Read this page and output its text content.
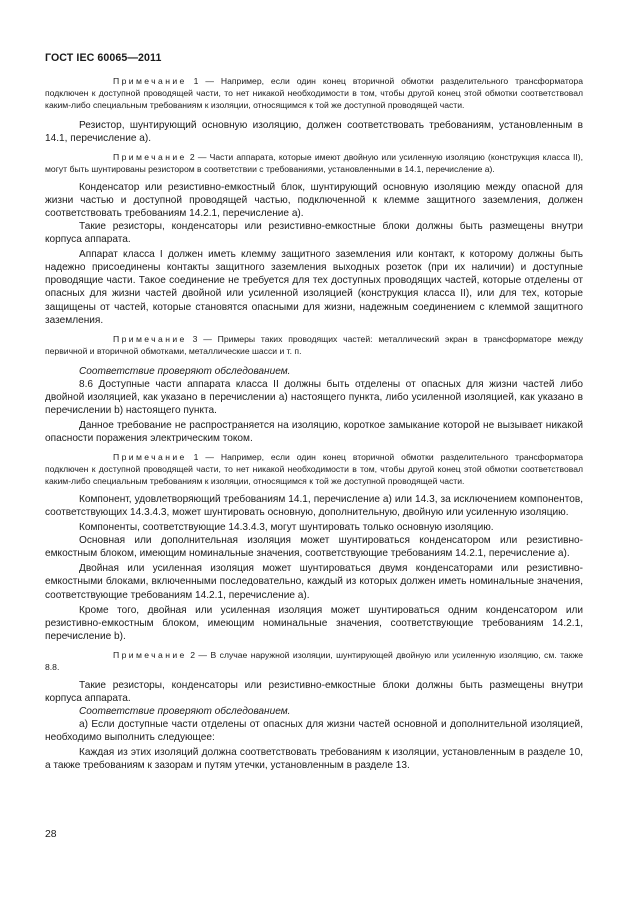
ГОСТ IEC 60065—2011

Примечание 1 — Например, если один конец вторичной обмотки разделительного трансформатора подключен к доступной проводящей части, то нет никакой необходимости в том, чтобы другой конец этой обмотки соответствовал каким-либо специальным требованиям к изоляции, относящимся к той же доступной проводящей части.

Резистор, шунтирующий основную изоляцию, должен соответствовать требованиям, установленным в 14.1, перечисление а).

Примечание 2 — Части аппарата, которые имеют двойную или усиленную изоляцию (конструкция класса II), могут быть шунтированы резистором в соответствии с требованиями, установленными в 14.1, перечисление а).

Конденсатор или резистивно-емкостный блок, шунтирующий основную изоляцию между опасной для жизни частью и доступной проводящей частью, подключенной к клемме защитного заземления, должен соответствовать требованиям 14.2.1, перечисление а).

Такие резисторы, конденсаторы или резистивно-емкостные блоки должны быть размещены внутри корпуса аппарата.

Аппарат класса I должен иметь клемму защитного заземления или контакт, к которому должны быть надежно присоединены контакты защитного заземления выходных розеток (при их наличии) и доступные проводящие части. Такое соединение не требуется для тех доступных проводящих частей, которые отделены от опасных для жизни частей двойной или усиленной изоляцией (конструкция класса II), или для тех, которые защищены от частей, которые становятся опасными для жизни, надежным соединением с клеммой защитного заземления.

Примечание 3 — Примеры таких проводящих частей: металлический экран в трансформаторе между первичной и вторичной обмотками, металлические шасси и т. п.

Соответствие проверяют обследованием.

8.6 Доступные части аппарата класса II должны быть отделены от опасных для жизни частей либо двойной изоляцией, как указано в перечислении а) настоящего пункта, либо усиленной изоляцией, как указано в перечислении b) настоящего пункта.

Данное требование не распространяется на изоляцию, короткое замыкание которой не вызывает никакой опасности поражения электрическим током.

Примечание 1 — Например, если один конец вторичной обмотки разделительного трансформатора подключен к доступной проводящей части, то нет никакой необходимости в том, чтобы другой конец этой обмотки соответствовал каким-либо специальным требованиям к изоляции, относящимся к той же доступной проводящей части.

Компонент, удовлетворяющий требованиям 14.1, перечисление а) или 14.3, за исключением компонентов, соответствующих 14.3.4.3, может шунтировать основную, дополнительную, двойную или усиленную изоляцию.

Компоненты, соответствующие 14.3.4.3, могут шунтировать только основную изоляцию.

Основная или дополнительная изоляция может шунтироваться конденсатором или резистивно-емкостным блоком, имеющим номинальные значения, соответствующие требованиям 14.2.1, перечисление а).

Двойная или усиленная изоляция может шунтироваться двумя конденсаторами или резистивно-емкостными блоками, включенными последовательно, каждый из которых должен иметь номинальные значения, соответствующие требованиям 14.2.1, перечисление а).

Кроме того, двойная или усиленная изоляция может шунтироваться одним конденсатором или резистивно-емкостным блоком, имеющим номинальные значения, соответствующие требованиям 14.2.1, перечисление b).

Примечание 2 — В случае наружной изоляции, шунтирующей двойную или усиленную изоляцию, см. также 8.8.

Такие резисторы, конденсаторы или резистивно-емкостные блоки должны быть размещены внутри корпуса аппарата.

Соответствие проверяют обследованием.

а) Если доступные части отделены от опасных для жизни частей основной и дополнительной изоляцией, необходимо выполнить следующее:

Каждая из этих изоляций должна соответствовать требованиям к изоляции, установленным в разделе 10, а также требованиям к зазорам и путям утечки, установленным в разделе 13.

28
